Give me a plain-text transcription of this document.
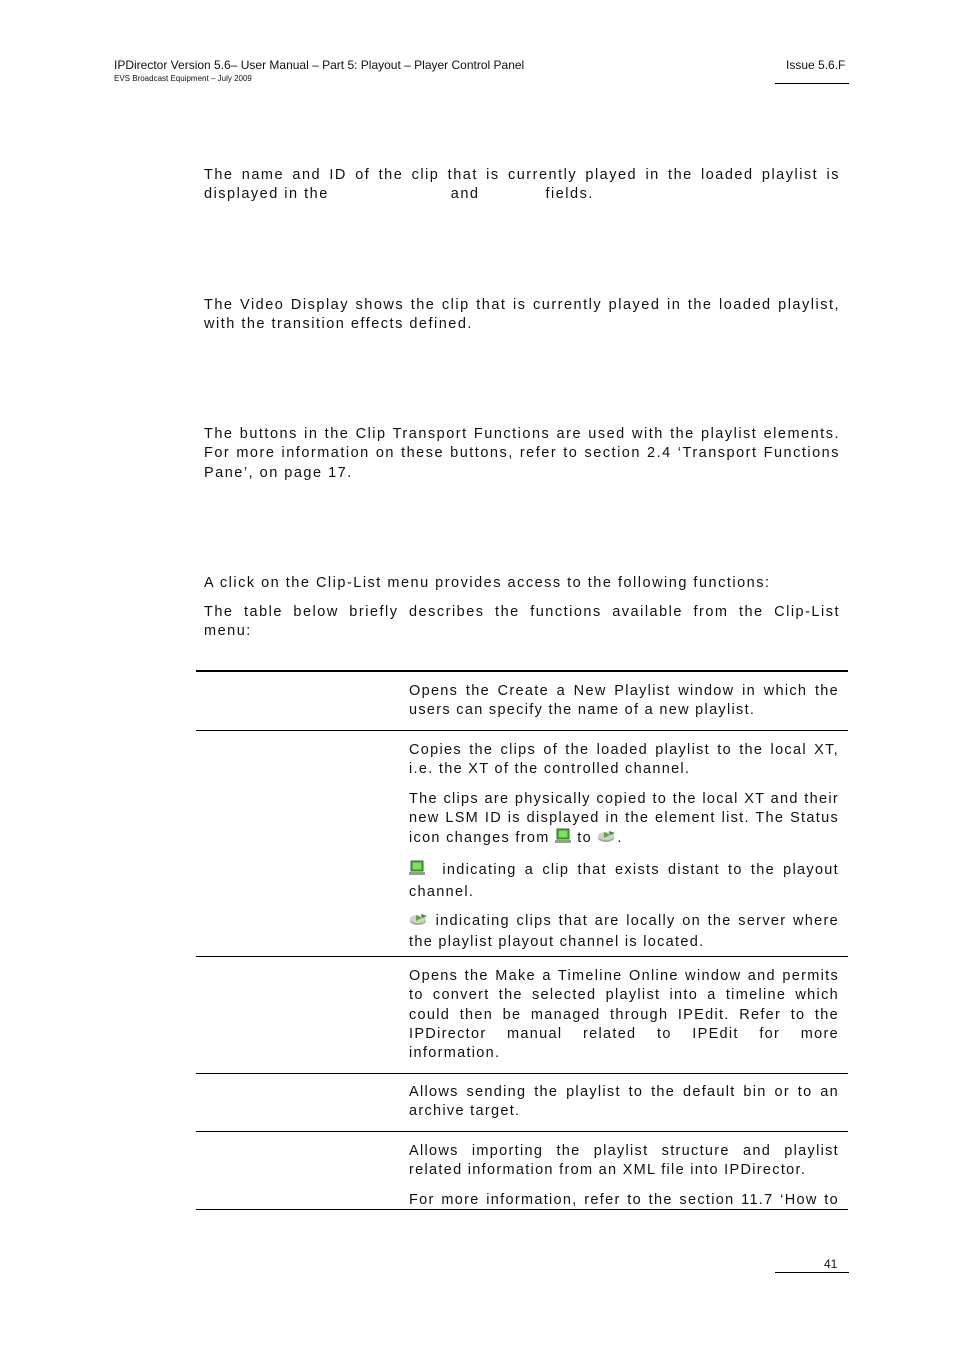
IPDirector Version 5.6– User Manual – Part 5: Playout – Player Control Panel
EVS Broadcast Equipment – July 2009
Issue 5.6.F
The name and ID of the clip that is currently played in the loaded playlist is
displayed in the	and	fields.
The Video Display shows the clip that is currently played in the loaded playlist, with the transition effects defined.
The buttons in the Clip Transport Functions are used with the playlist elements. For more information on these buttons, refer to section 2.4 ‘Transport Functions Pane’, on page 17.
A click on the Clip-List menu provides access to the following functions:
The table below briefly describes the functions available from the Clip-List menu:

Opens the Create a New Playlist window in which the users can specify the name of a new playlist.

Copies the clips of the loaded playlist to the local XT, i.e. the XT of the controlled channel.

The clips are physically copied to the local XT and their new LSM ID is displayed in the element list. The Status icon changes from to .

indicating a clip that exists distant to the playout channel.

indicating clips that are locally on the server where the playlist playout channel is located.

Opens the Make a Timeline Online window and permits to convert the selected playlist into a timeline which could then be managed through IPEdit. Refer to the IPDirector manual related to IPEdit for more information.

Allows sending the playlist to the default bin or to an archive target.

Allows importing the playlist structure and playlist related information from an XML file into IPDirector.

For more information, refer to the section 11.7 ‘How to

41
